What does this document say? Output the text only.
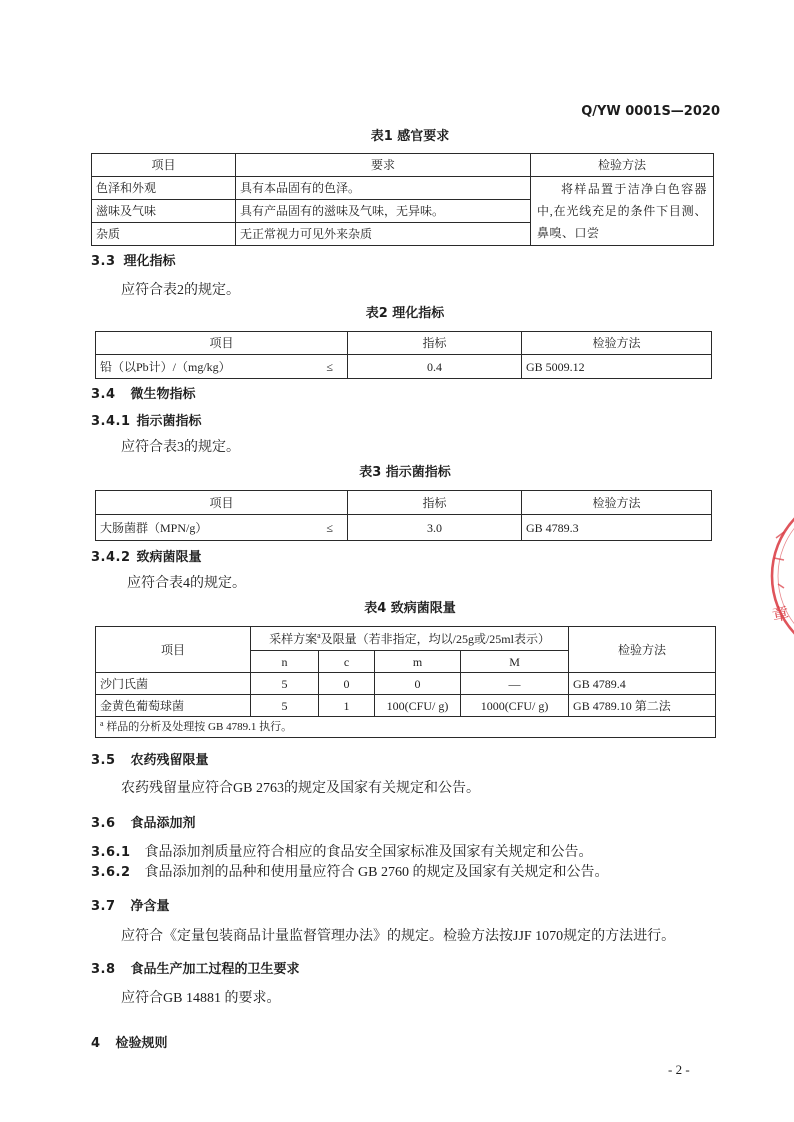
Q/YW 0001S—2020
表1 感官要求
项目	要求	检验方法
色泽和外观	具有本品固有的色泽。	将样品置于洁净白色容器中,在光线充足的条件下目测、鼻嗅、口尝
滋味及气味	具有产品固有的滋味及气味，无异味。	
杂质	无正常视力可见外来杂质	
3.3 理化指标
应符合表2的规定。
表2 理化指标
项目	指标	检验方法

铅（以Pb计）/（mg/kg） ≤	0.4	GB 5009.12
3.4 微生物指标
3.4.1 指示菌指标
应符合表3的规定。
表3 指示菌指标
项目	指标	检验方法

大肠菌群（MPN/g） ≤	3.0	GB 4789.3
3.4.2 致病菌限量
应符合表4的规定。
表4 致病菌限量
项目	采样方案$^a$及限量（若非指定，均以/25g或/25ml表示）				检验方法
	n	c	m	M	
沙门氏菌	5	0	0	—	GB 4789.4
金黄色葡萄球菌	5	1	100(CFU/ g)	1000(CFU/ g)	GB 4789.10 第二法
$^a$ 样品的分析及处理按 GB 4789.1 执行。					
3.5 农药残留限量
农药残留量应符合GB 2763的规定及国家有关规定和公告。
3.6 食品添加剂
3.6.1 食品添加剂质量应符合相应的食品安全国家标准及国家有关规定和公告。
3.6.2 食品添加剂的品种和使用量应符合 GB 2760 的规定及国家有关规定和公告。
3.7 净含量
应符合《定量包装商品计量监督管理办法》的规定。检验方法按JJF 1070规定的方法进行。
3.8 食品生产加工过程的卫生要求
应符合GB 14881 的要求。
4 检验规则
- 2 -
章
